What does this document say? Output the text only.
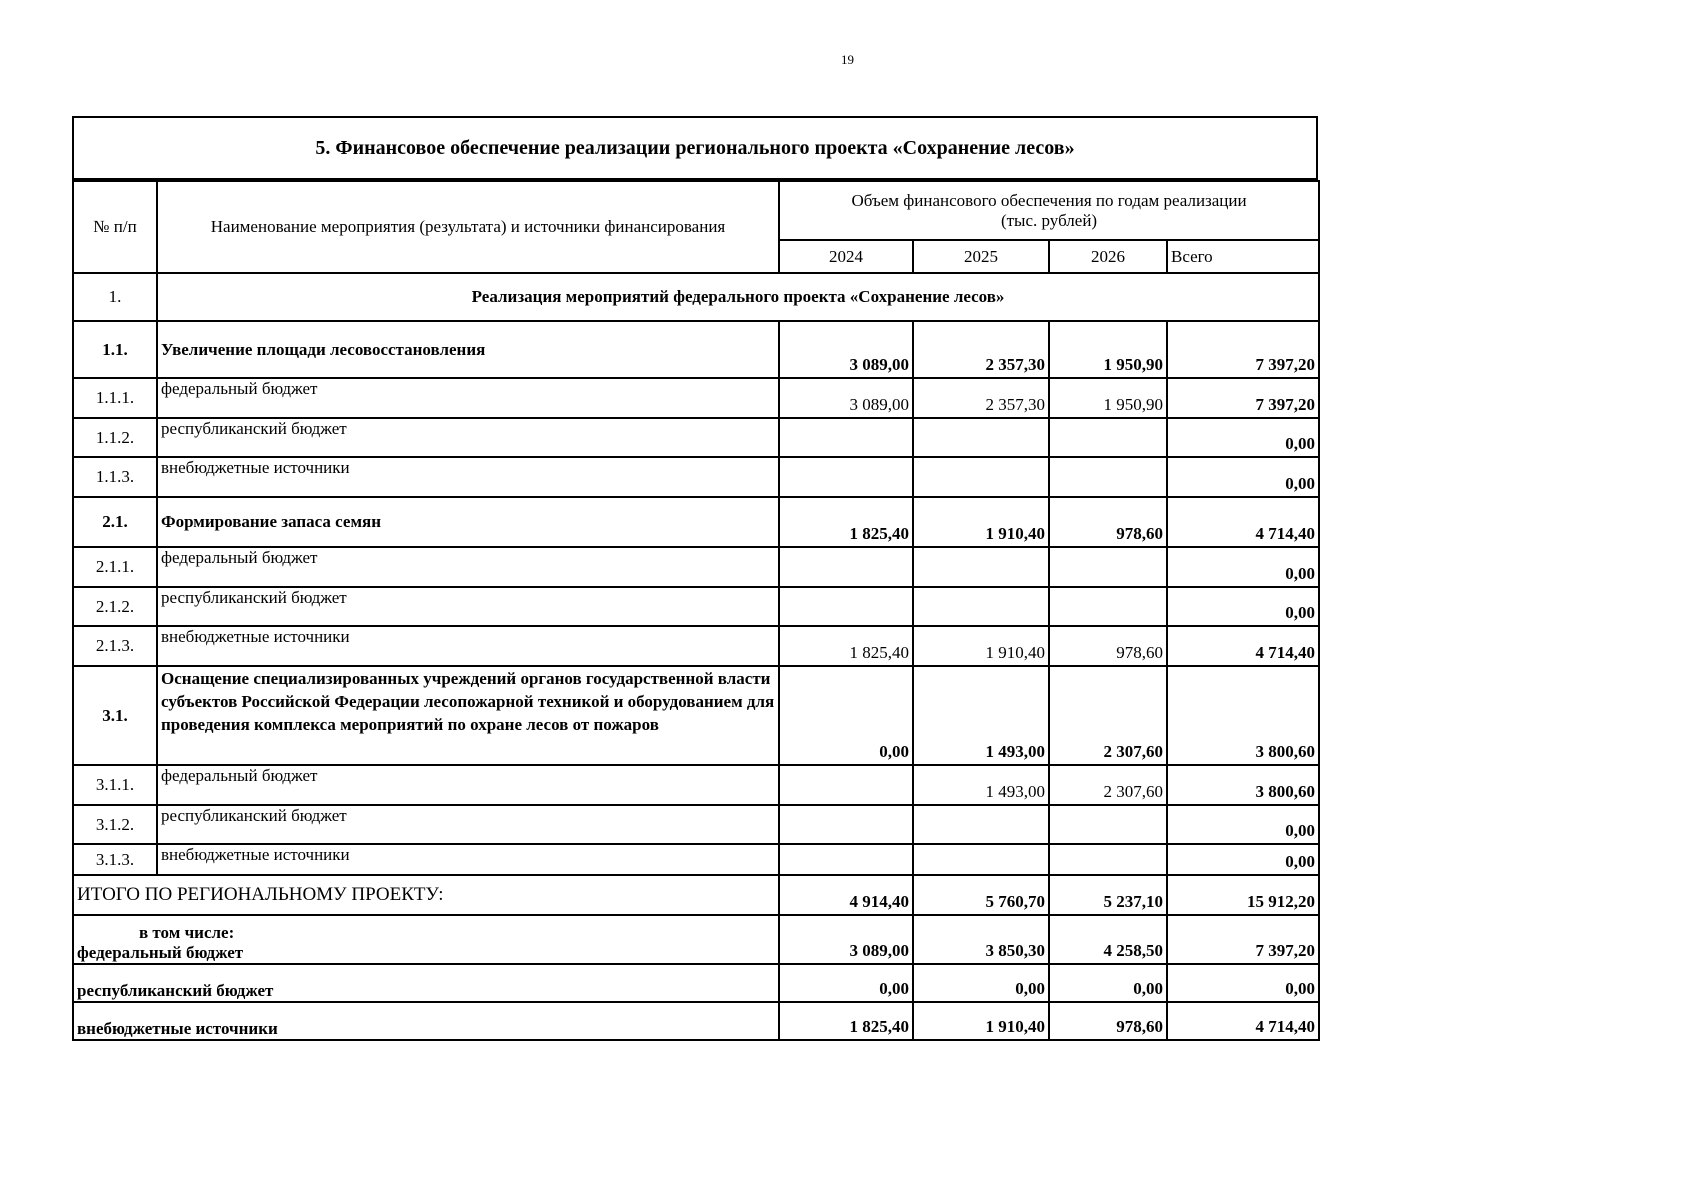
19
5. Финансовое обеспечение реализации регионального проекта «Сохранение лесов»
№ п/п	Наименование мероприятия (результата) и источники финансирования	Объем финансового обеспечения по годам реализации
(тыс. рублей)			
		2024	2025	2026	Всего
1.	Реализация мероприятий федерального проекта «Сохранение лесов»				
1.1.	Увеличение площади лесовосстановления	3 089,00	2 357,30	1 950,90	7 397,20
1.1.1.	федеральный бюджет	3 089,00	2 357,30	1 950,90	7 397,20
1.1.2.	республиканский бюджет				0,00
1.1.3.	внебюджетные источники				0,00
2.1.	Формирование запаса семян	1 825,40	1 910,40	978,60	4 714,40
2.1.1.	федеральный бюджет				0,00
2.1.2.	республиканский бюджет				0,00
2.1.3.	внебюджетные источники	1 825,40	1 910,40	978,60	4 714,40
3.1.	Оснащение специализированных учреждений органов государственной власти субъектов Российской Федерации лесопожарной техникой и оборудованием для проведения комплекса мероприятий по охране лесов от пожаров	0,00	1 493,00	2 307,60	3 800,60
3.1.1.	федеральный бюджет		1 493,00	2 307,60	3 800,60
3.1.2.	республиканский бюджет				0,00
3.1.3.	внебюджетные источники				0,00
ИТОГО ПО РЕГИОНАЛЬНОМУ ПРОЕКТУ:		4 914,40	5 760,70	5 237,10	15 912,20

в том числе:
федеральный бюджет		3 089,00	3 850,30	4 258,50	7 397,20
республиканский бюджет		0,00	0,00	0,00	0,00
внебюджетные источники		1 825,40	1 910,40	978,60	4 714,40
